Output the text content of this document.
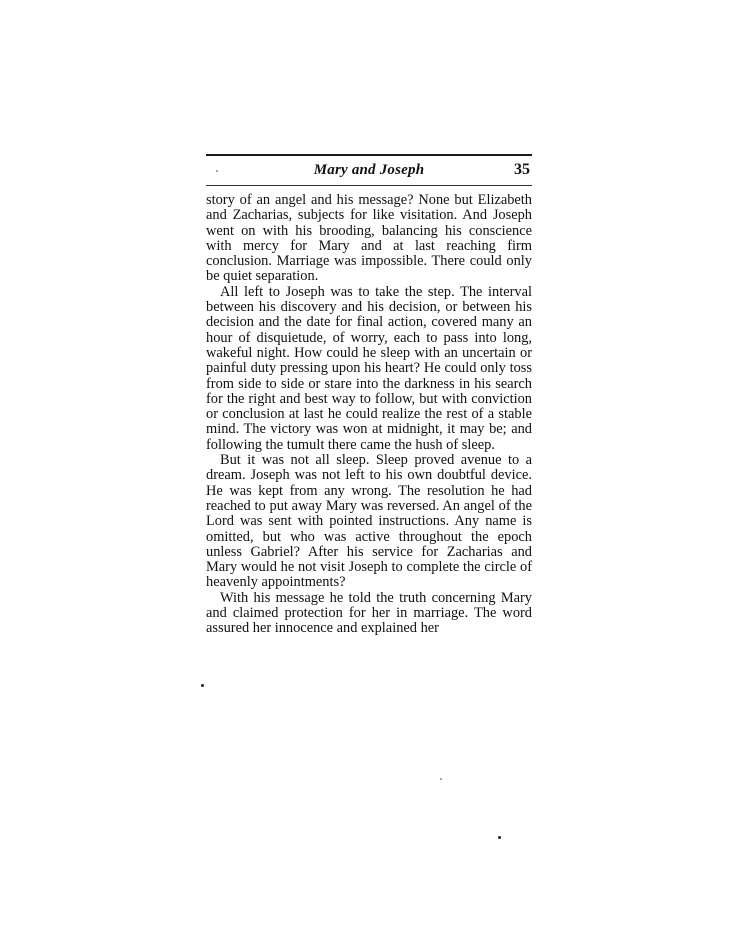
Mary and Joseph	35

story of an angel and his message? None but Elizabeth and Zacharias, subjects for like visitation. And Joseph went on with his brooding, balancing his conscience with mercy for Mary and at last reaching firm conclusion. Marriage was impossible. There could only be quiet separation.

All left to Joseph was to take the step. The interval between his discovery and his decision, or between his decision and the date for final action, covered many an hour of disquietude, of worry, each to pass into long, wakeful night. How could he sleep with an uncertain or painful duty pressing upon his heart? He could only toss from side to side or stare into the darkness in his search for the right and best way to follow, but with conviction or conclusion at last he could realize the rest of a stable mind. The victory was won at midnight, it may be; and following the tumult there came the hush of sleep.

But it was not all sleep. Sleep proved avenue to a dream. Joseph was not left to his own doubtful device. He was kept from any wrong. The resolution he had reached to put away Mary was reversed. An angel of the Lord was sent with pointed instructions. Any name is omitted, but who was active throughout the epoch unless Gabriel? After his service for Zacharias and Mary would he not visit Joseph to complete the circle of heavenly appointments?

With his message he told the truth concerning Mary and claimed protection for her in marriage. The word assured her innocence and explained her
